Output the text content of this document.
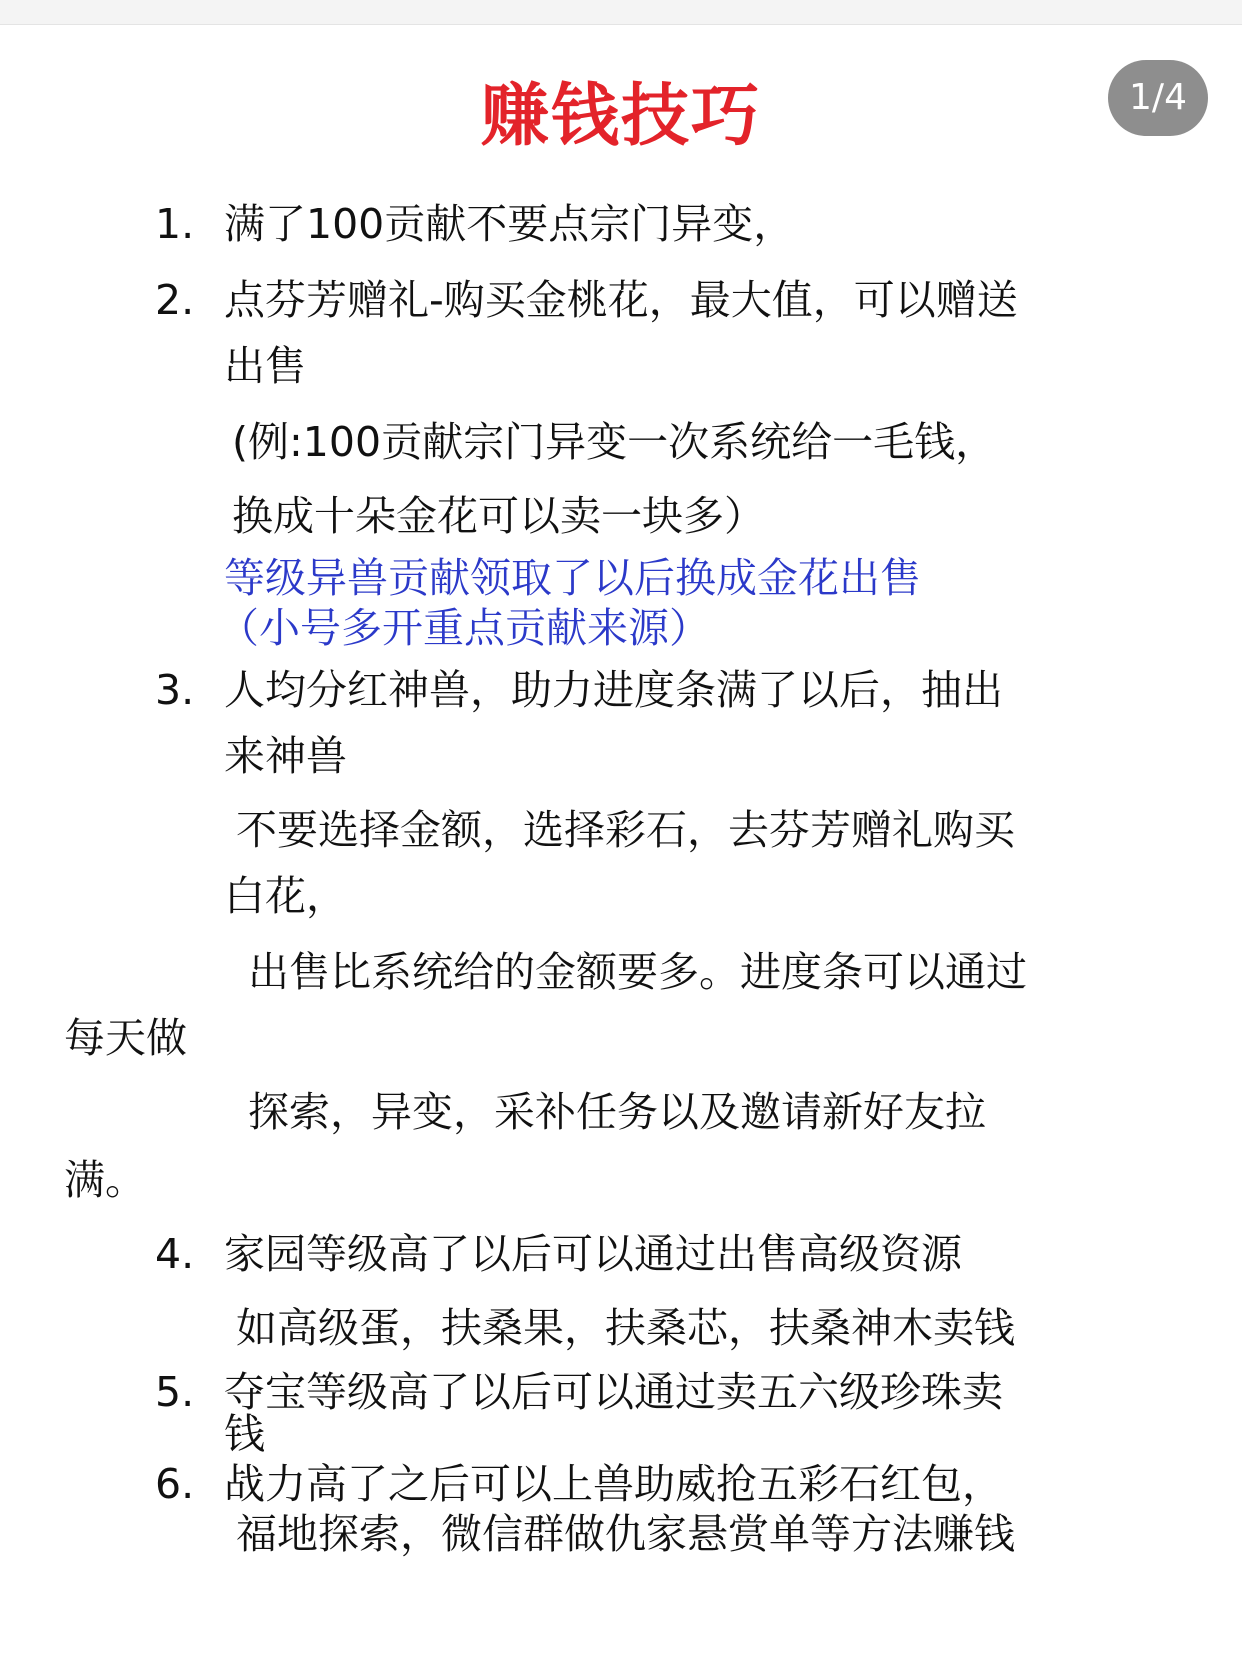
赚钱技巧	1/4
1. 满了100贡献不要点宗门异变，
2. 点芬芳赠礼-购买金桃花，最大值，可以赠送
出售
(例:100贡献宗门异变一次系统给一毛钱，
换成十朵金花可以卖一块多）
等级异兽贡献领取了以后换成金花出售
（小号多开重点贡献来源）
3. 人均分红神兽，助力进度条满了以后，抽出
来神兽
不要选择金额，选择彩石，去芬芳赠礼购买
白花，
出售比系统给的金额要多。进度条可以通过
每天做
探索，异变，采补任务以及邀请新好友拉
满。
4. 家园等级高了以后可以通过出售高级资源
如高级蛋，扶桑果，扶桑芯，扶桑神木卖钱
5. 夺宝等级高了以后可以通过卖五六级珍珠卖
钱
6. 战力高了之后可以上兽助威抢五彩石红包，
福地探索，微信群做仇家悬赏单等方法赚钱
